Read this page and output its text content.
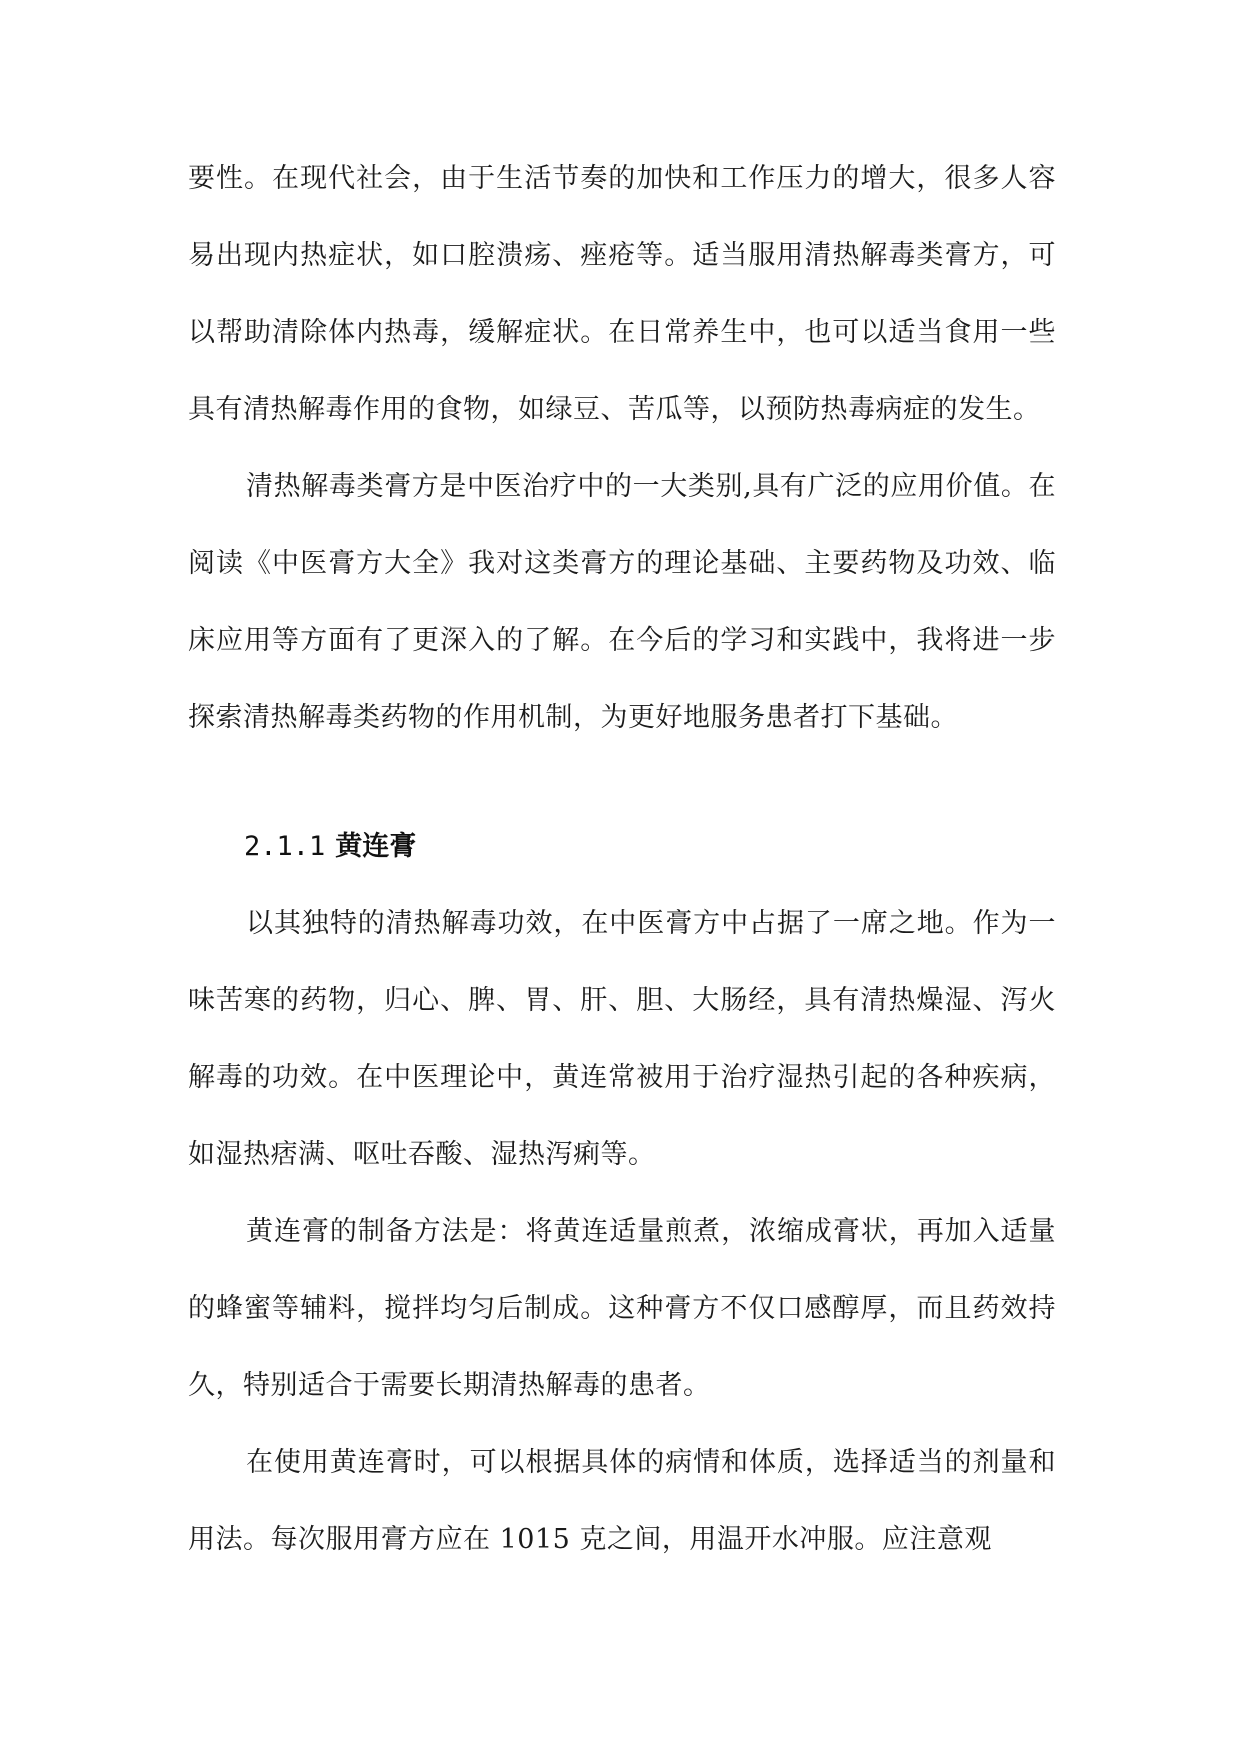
要性。在现代社会，由于生活节奏的加快和工作压力的增大，很多人容易出现内热症状，如口腔溃疡、痤疮等。适当服用清热解毒类膏方，可以帮助清除体内热毒，缓解症状。在日常养生中，也可以适当食用一些具有清热解毒作用的食物，如绿豆、苦瓜等，以预防热毒病症的发生。

清热解毒类膏方是中医治疗中的一大类别,具有广泛的应用价值。在阅读《中医膏方大全》我对这类膏方的理论基础、主要药物及功效、临床应用等方面有了更深入的了解。在今后的学习和实践中，我将进一步探索清热解毒类药物的作用机制，为更好地服务患者打下基础。

2.1.1 黄连膏

以其独特的清热解毒功效，在中医膏方中占据了一席之地。作为一味苦寒的药物，归心、脾、胃、肝、胆、大肠经，具有清热燥湿、泻火解毒的功效。在中医理论中，黄连常被用于治疗湿热引起的各种疾病，如湿热痞满、呕吐吞酸、湿热泻痢等。

黄连膏的制备方法是：将黄连适量煎煮，浓缩成膏状，再加入适量的蜂蜜等辅料，搅拌均匀后制成。这种膏方不仅口感醇厚，而且药效持久，特别适合于需要长期清热解毒的患者。

在使用黄连膏时，可以根据具体的病情和体质，选择适当的剂量和用法。每次服用膏方应在 1015 克之间，用温开水冲服。应注意观
